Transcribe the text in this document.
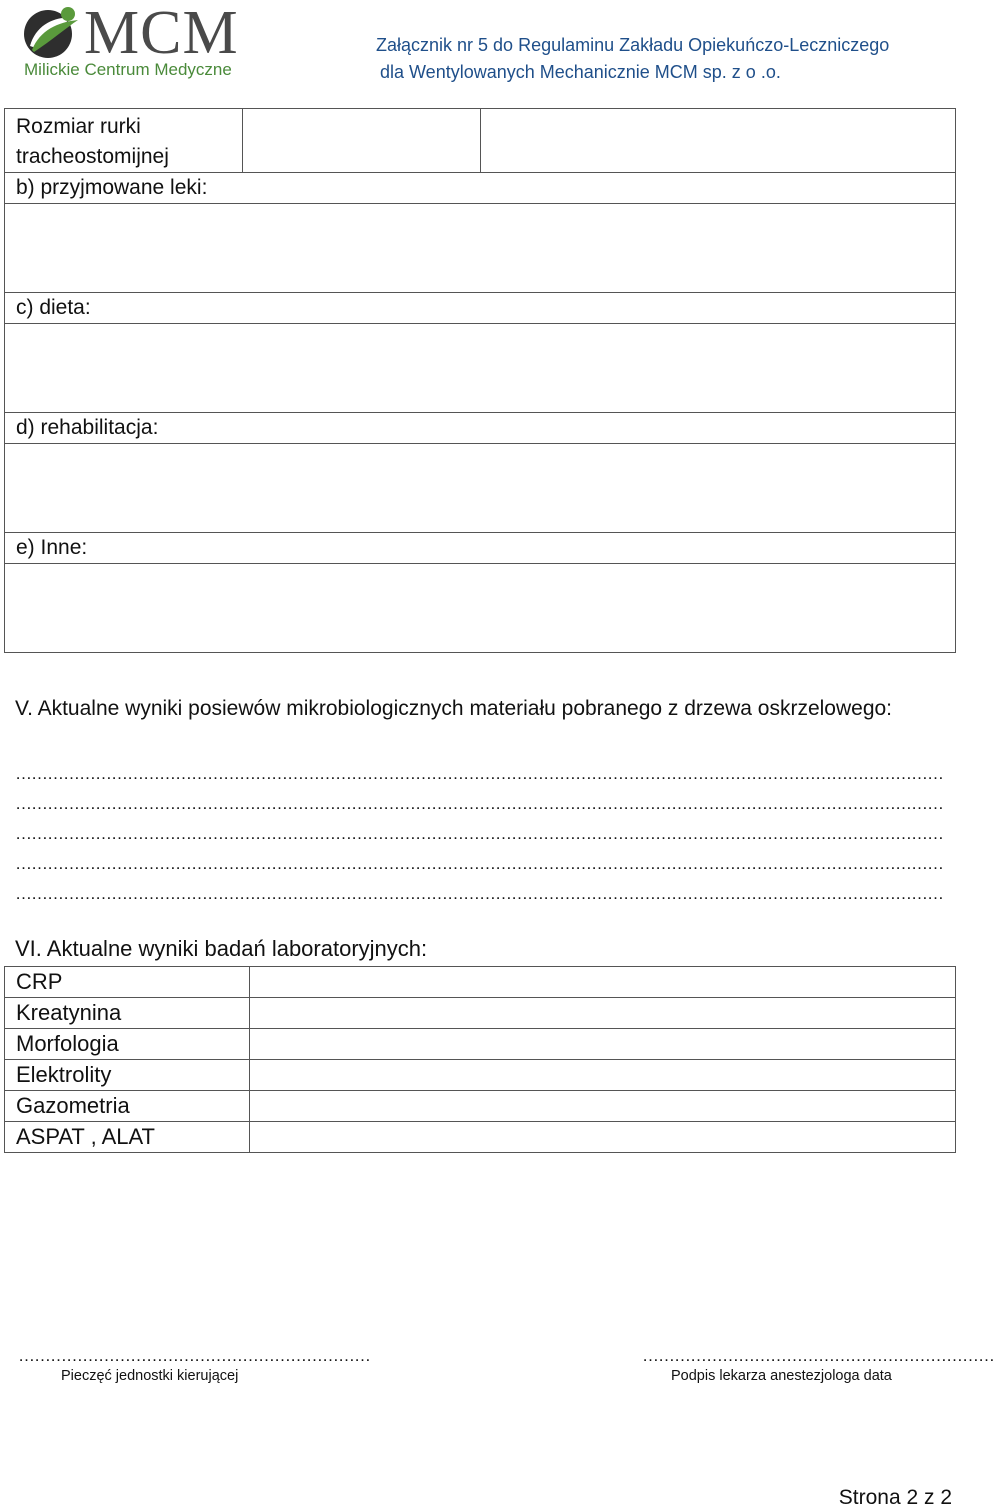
MCM
Milickie Centrum Medyczne
Załącznik nr 5 do Regulaminu Zakładu Opiekuńczo-Leczniczego
dla Wentylowanych Mechanicznie MCM sp. z o .o.
Rozmiar rurki tracheostomijnej		
b) przyjmowane leki:

c) dieta:

d) rehabilitacja:

e) Inne:

V. Aktualne wyniki posiewów mikrobiologicznych materiału pobranego z drzewa oskrzelowego:
…………………………………………………………………………………………………………………………………………………………
…………………………………………………………………………………………………………………………………………………………
…………………………………………………………………………………………………………………………………………………………
…………………………………………………………………………………………………………………………………………………………
…………………………………………………………………………………………………………………………………………………………
VI. Aktualne wyniki badań laboratoryjnych:
CRP	
Kreatynina	
Morfologia	
Elektrolity	
Gazometria	
ASPAT , ALAT	
…………………………………………………………
Pieczęć jednostki kierującej
…………………………………………………………
Podpis lekarza anestezjologa data
Strona 2 z 2
